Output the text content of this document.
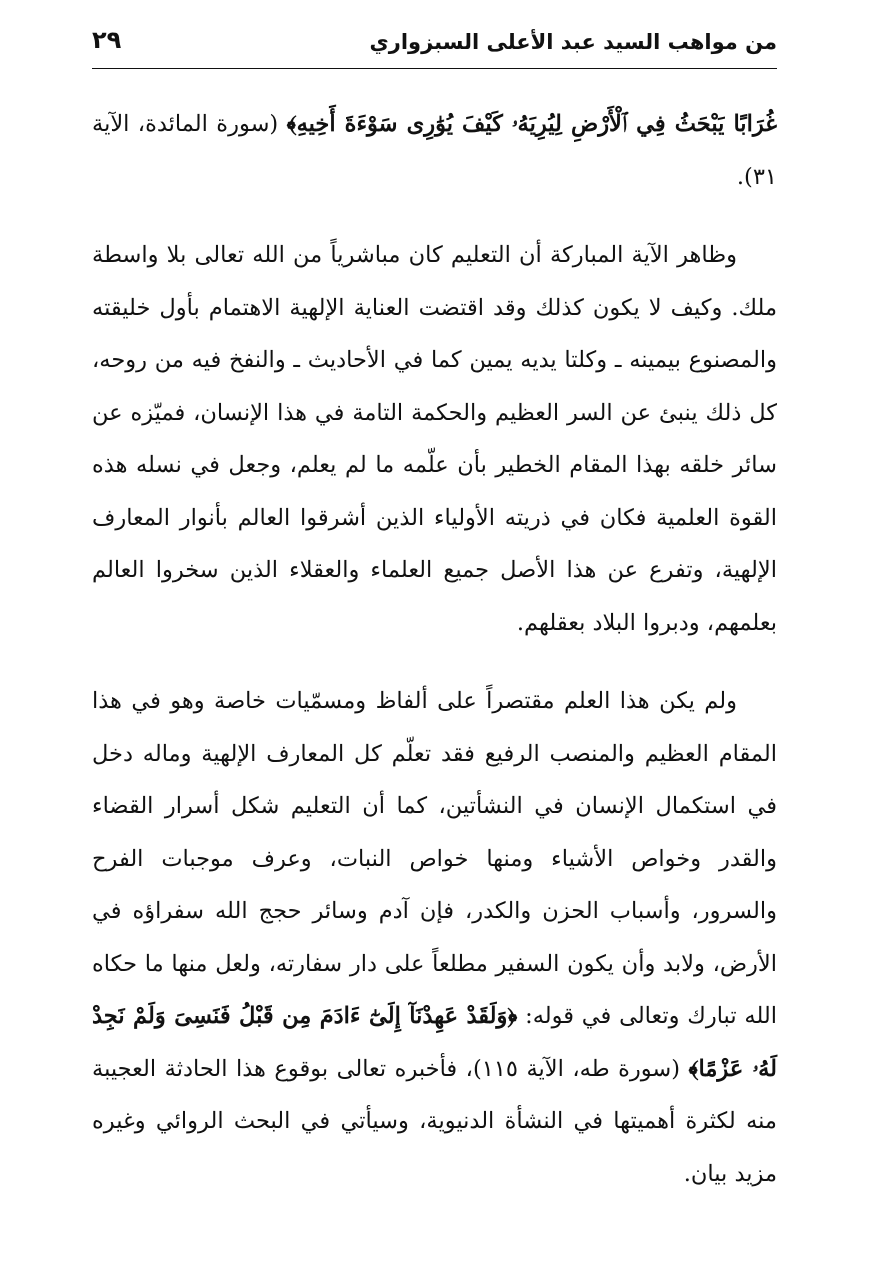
٢٩	من مواهب السيد عبد الأعلى السبزواري

غُرَابًا يَبْحَثُ فِي ٱلْأَرْضِ لِيُرِيَهُۥ كَيْفَ يُوَٰرِى سَوْءَةَ أَخِيهِ﴾ (سورة المائدة، الآية ٣١).

وظاهر الآية المباركة أن التعليم كان مباشرياً من الله تعالى بلا واسطة ملك. وكيف لا يكون كذلك وقد اقتضت العناية الإلهية الاهتمام بأول خليقته والمصنوع بيمينه ـ وكلتا يديه يمين كما في الأحاديث ـ والنفخ فيه من روحه، كل ذلك ينبئ عن السر العظيم والحكمة التامة في هذا الإنسان، فميّزه عن سائر خلقه بهذا المقام الخطير بأن علّمه ما لم يعلم، وجعل في نسله هذه القوة العلمية فكان في ذريته الأولياء الذين أشرقوا العالم بأنوار المعارف الإلهية، وتفرع عن هذا الأصل جميع العلماء والعقلاء الذين سخروا العالم بعلمهم، ودبروا البلاد بعقلهم.

ولم يكن هذا العلم مقتصراً على ألفاظ ومسمّيات خاصة وهو في هذا المقام العظيم والمنصب الرفيع فقد تعلّم كل المعارف الإلهية وماله دخل في استكمال الإنسان في النشأتين، كما أن التعليم شكل أسرار القضاء والقدر وخواص الأشياء ومنها خواص النبات، وعرف موجبات الفرح والسرور، وأسباب الحزن والكدر، فإن آدم وسائر حجج الله سفراؤه في الأرض، ولابد وأن يكون السفير مطلعاً على دار سفارته، ولعل منها ما حكاه الله تبارك وتعالى في قوله: ﴿وَلَقَدْ عَهِدْنَآ إِلَىٰٓ ءَادَمَ مِن قَبْلُ فَنَسِىَ وَلَمْ نَجِدْ لَهُۥ عَزْمًا﴾ (سورة طه، الآية ١١٥)، فأخبره تعالى بوقوع هذا الحادثة العجيبة منه لكثرة أهميتها في النشأة الدنيوية، وسيأتي في البحث الروائي وغيره مزيد بيان.
